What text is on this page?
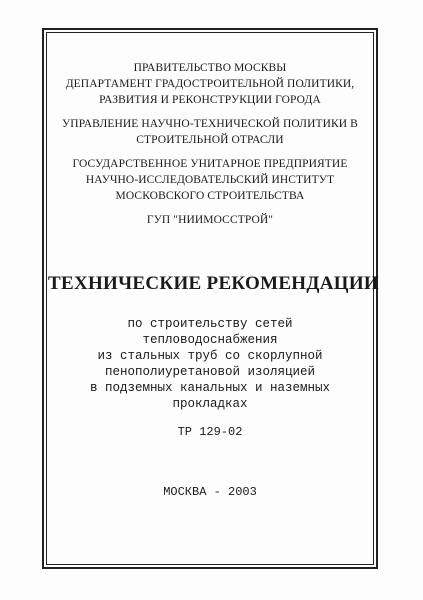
ПРАВИТЕЛЬСТВО МОСКВЫ
ДЕПАРТАМЕНТ ГРАДОСТРОИТЕЛЬНОЙ ПОЛИТИКИ,
РАЗВИТИЯ И РЕКОНСТРУКЦИИ ГОРОДА
УПРАВЛЕНИЕ НАУЧНО-ТЕХНИЧЕСКОЙ ПОЛИТИКИ В
СТРОИТЕЛЬНОЙ ОТРАСЛИ
ГОСУДАРСТВЕННОЕ УНИТАРНОЕ ПРЕДПРИЯТИЕ
НАУЧНО-ИССЛЕДОВАТЕЛЬСКИЙ ИНСТИТУТ
МОСКОВСКОГО СТРОИТЕЛЬСТВА
ГУП "НИИМОССТРОЙ"
ТЕХНИЧЕСКИЕ РЕКОМЕНДАЦИИ
по строительству сетей
тепловодоснабжения
из стальных труб со скорлупной
пенополиуретановой изоляцией
в подземных канальных и наземных
прокладках
ТР 129-02
МОСКВА - 2003
